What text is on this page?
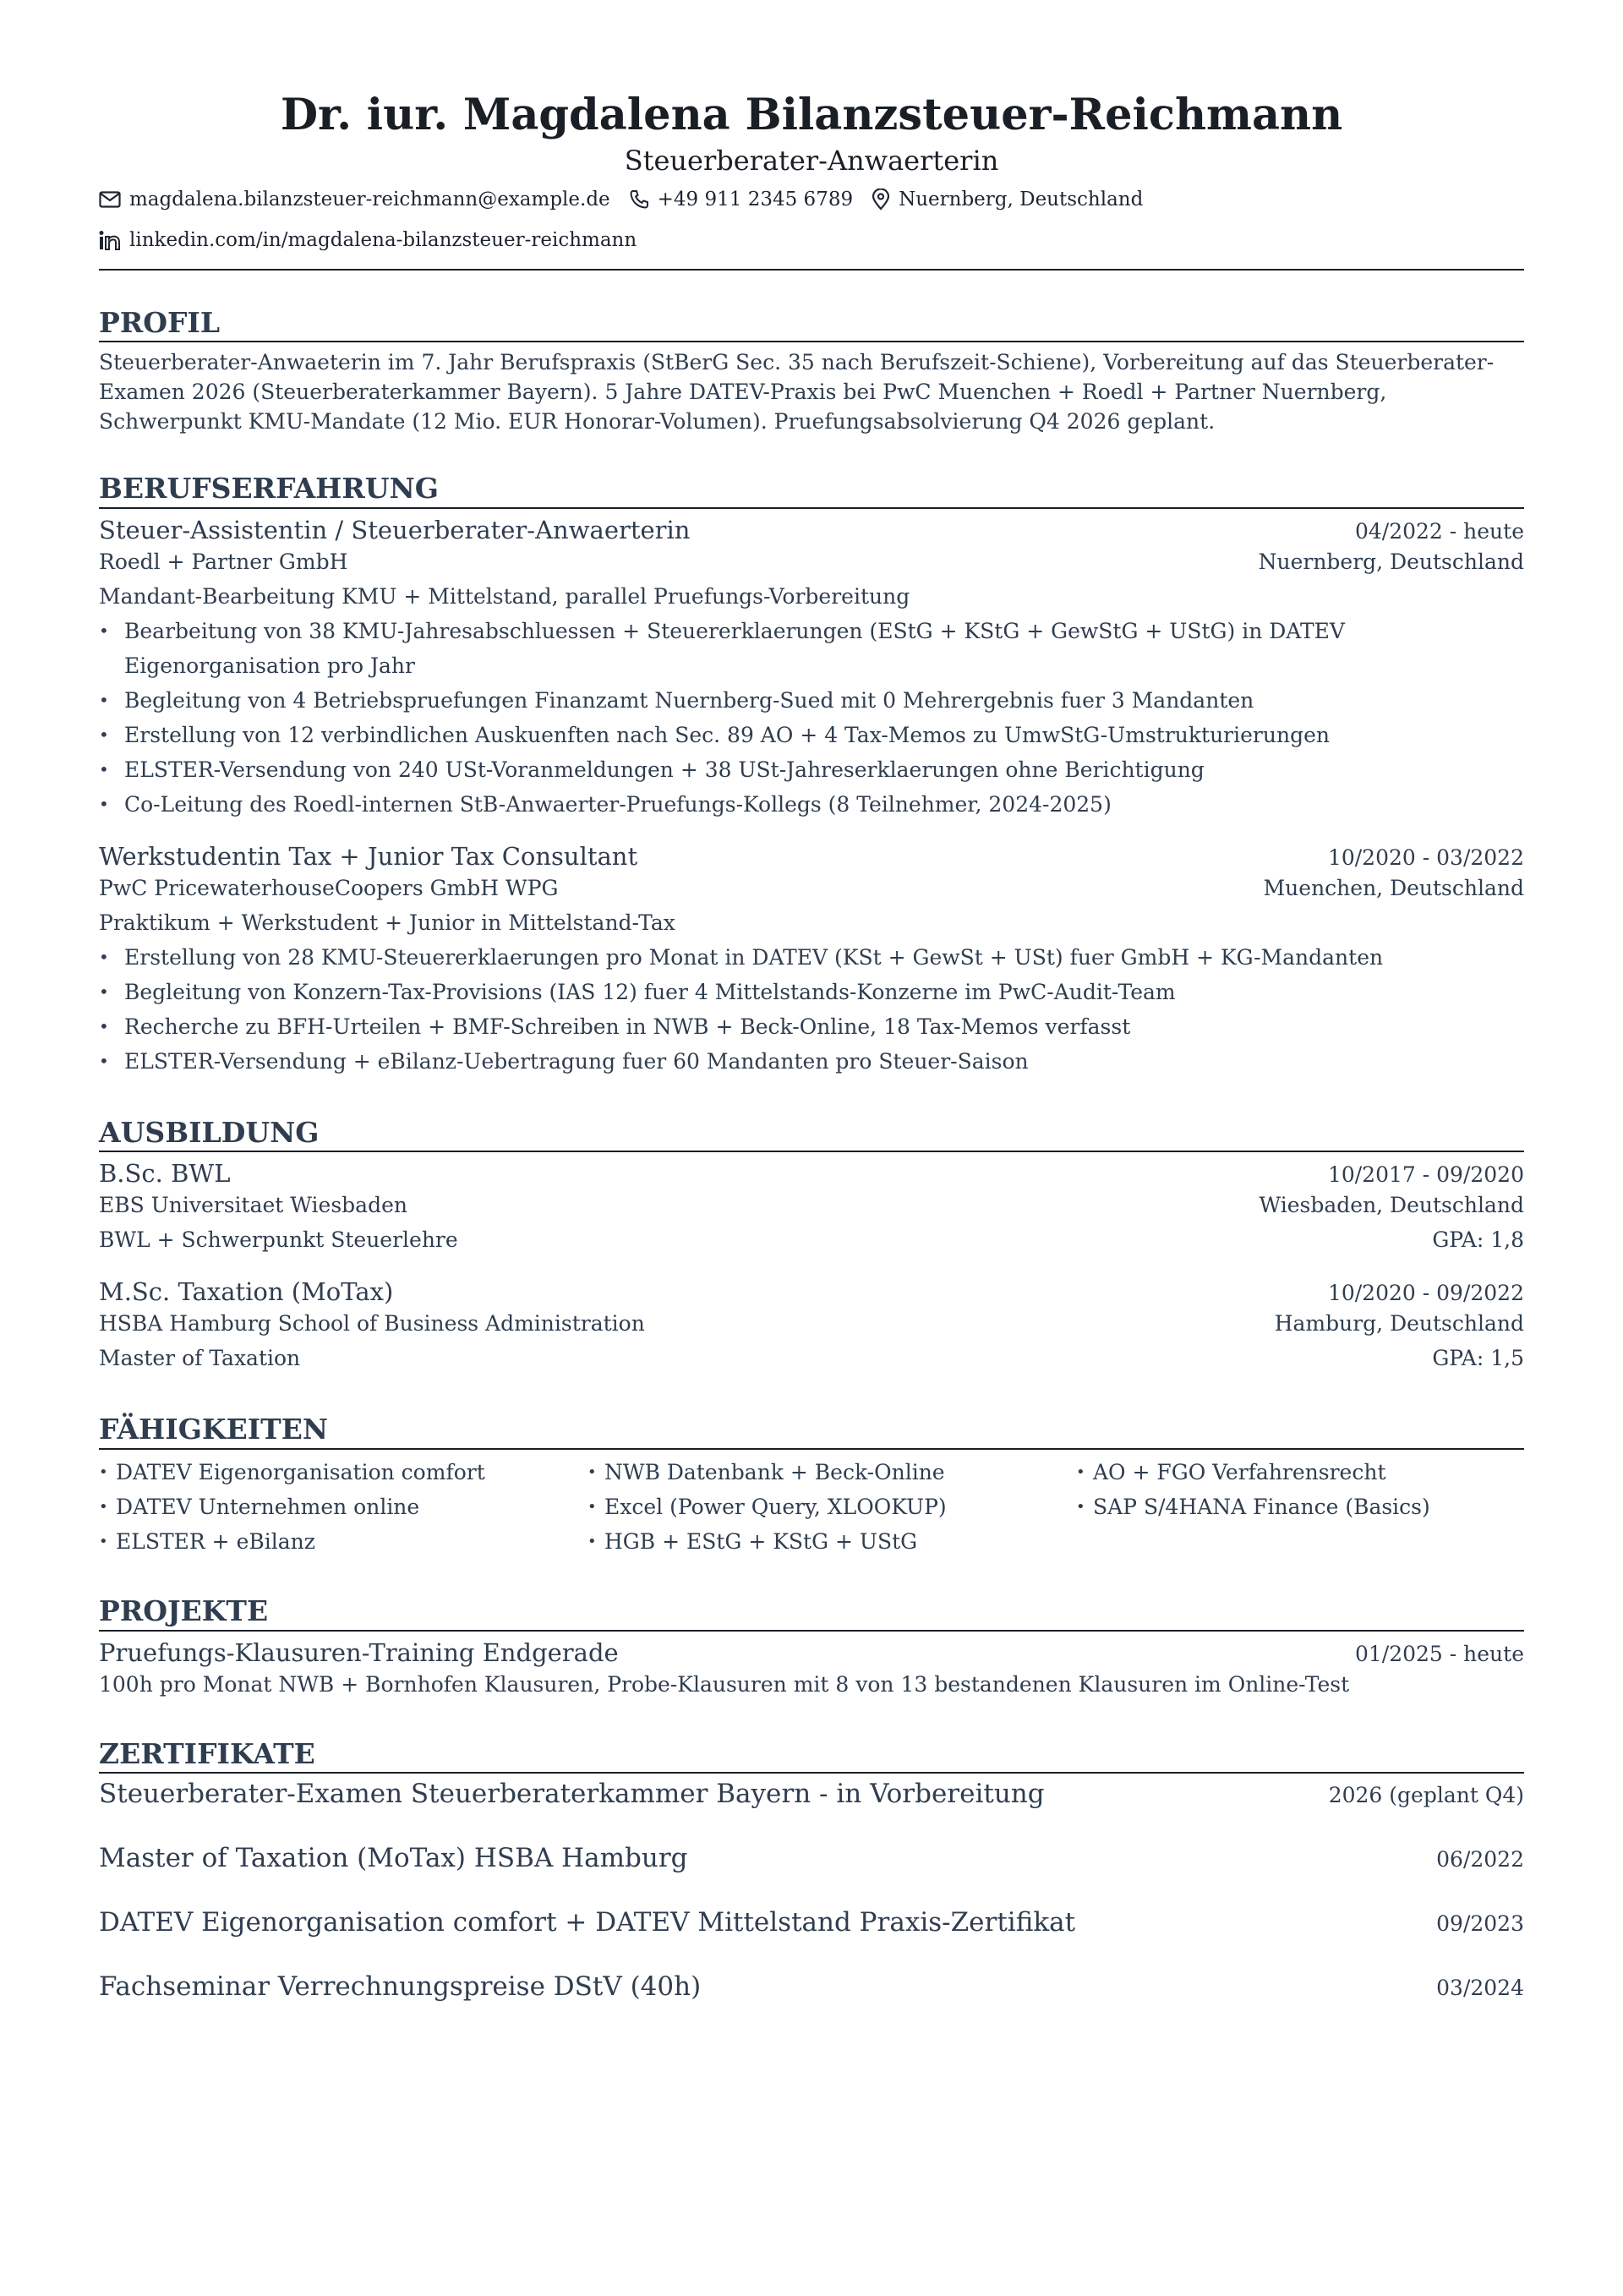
Dr. iur. Magdalena Bilanzsteuer-Reichmann
Steuerberater-Anwaerterin
magdalena.bilanzsteuer-reichmann@example.de +49 911 2345 6789 Nuernberg, Deutschland
linkedin.com/in/magdalena-bilanzsteuer-reichmann
PROFIL
Steuerberater-Anwaeterin im 7. Jahr Berufspraxis (StBerG Sec. 35 nach Berufszeit-Schiene), Vorbereitung auf das Steuerberater-Examen 2026 (Steuerberaterkammer Bayern). 5 Jahre DATEV-Praxis bei PwC Muenchen + Roedl + Partner Nuernberg, Schwerpunkt KMU-Mandate (12 Mio. EUR Honorar-Volumen). Pruefungsabsolvierung Q4 2026 geplant.
BERUFSERFAHRUNG
Steuer-Assistentin / Steuerberater-Anwaerterin	04/2022 - heute
Roedl + Partner GmbH	Nuernberg, Deutschland
Mandant-Bearbeitung KMU + Mittelstand, parallel Pruefungs-Vorbereitung
• Bearbeitung von 38 KMU-Jahresabschluessen + Steuererklaerungen (EStG + KStG + GewStG + UStG) in DATEV Eigenorganisation pro Jahr
• Begleitung von 4 Betriebspruefungen Finanzamt Nuernberg-Sued mit 0 Mehrergebnis fuer 3 Mandanten
• Erstellung von 12 verbindlichen Auskuenften nach Sec. 89 AO + 4 Tax-Memos zu UmwStG-Umstrukturierungen
• ELSTER-Versendung von 240 USt-Voranmeldungen + 38 USt-Jahreserklaerungen ohne Berichtigung
• Co-Leitung des Roedl-internen StB-Anwaerter-Pruefungs-Kollegs (8 Teilnehmer, 2024-2025)
Werkstudentin Tax + Junior Tax Consultant	10/2020 - 03/2022
PwC PricewaterhouseCoopers GmbH WPG	Muenchen, Deutschland
Praktikum + Werkstudent + Junior in Mittelstand-Tax
• Erstellung von 28 KMU-Steuererklaerungen pro Monat in DATEV (KSt + GewSt + USt) fuer GmbH + KG-Mandanten
• Begleitung von Konzern-Tax-Provisions (IAS 12) fuer 4 Mittelstands-Konzerne im PwC-Audit-Team
• Recherche zu BFH-Urteilen + BMF-Schreiben in NWB + Beck-Online, 18 Tax-Memos verfasst
• ELSTER-Versendung + eBilanz-Uebertragung fuer 60 Mandanten pro Steuer-Saison
AUSBILDUNG
B.Sc. BWL	10/2017 - 09/2020
EBS Universitaet Wiesbaden	Wiesbaden, Deutschland
BWL + Schwerpunkt Steuerlehre	GPA: 1,8
M.Sc. Taxation (MoTax)	10/2020 - 09/2022
HSBA Hamburg School of Business Administration	Hamburg, Deutschland
Master of Taxation	GPA: 1,5
FÄHIGKEITEN
• DATEV Eigenorganisation comfort
• DATEV Unternehmen online
• ELSTER + eBilanz
• NWB Datenbank + Beck-Online
• Excel (Power Query, XLOOKUP)
• HGB + EStG + KStG + UStG
• AO + FGO Verfahrensrecht
• SAP S/4HANA Finance (Basics)
PROJEKTE
Pruefungs-Klausuren-Training Endgerade	01/2025 - heute
100h pro Monat NWB + Bornhofen Klausuren, Probe-Klausuren mit 8 von 13 bestandenen Klausuren im Online-Test
ZERTIFIKATE
Steuerberater-Examen Steuerberaterkammer Bayern - in Vorbereitung	2026 (geplant Q4)
Master of Taxation (MoTax) HSBA Hamburg	06/2022
DATEV Eigenorganisation comfort + DATEV Mittelstand Praxis-Zertifikat	09/2023
Fachseminar Verrechnungspreise DStV (40h)	03/2024
